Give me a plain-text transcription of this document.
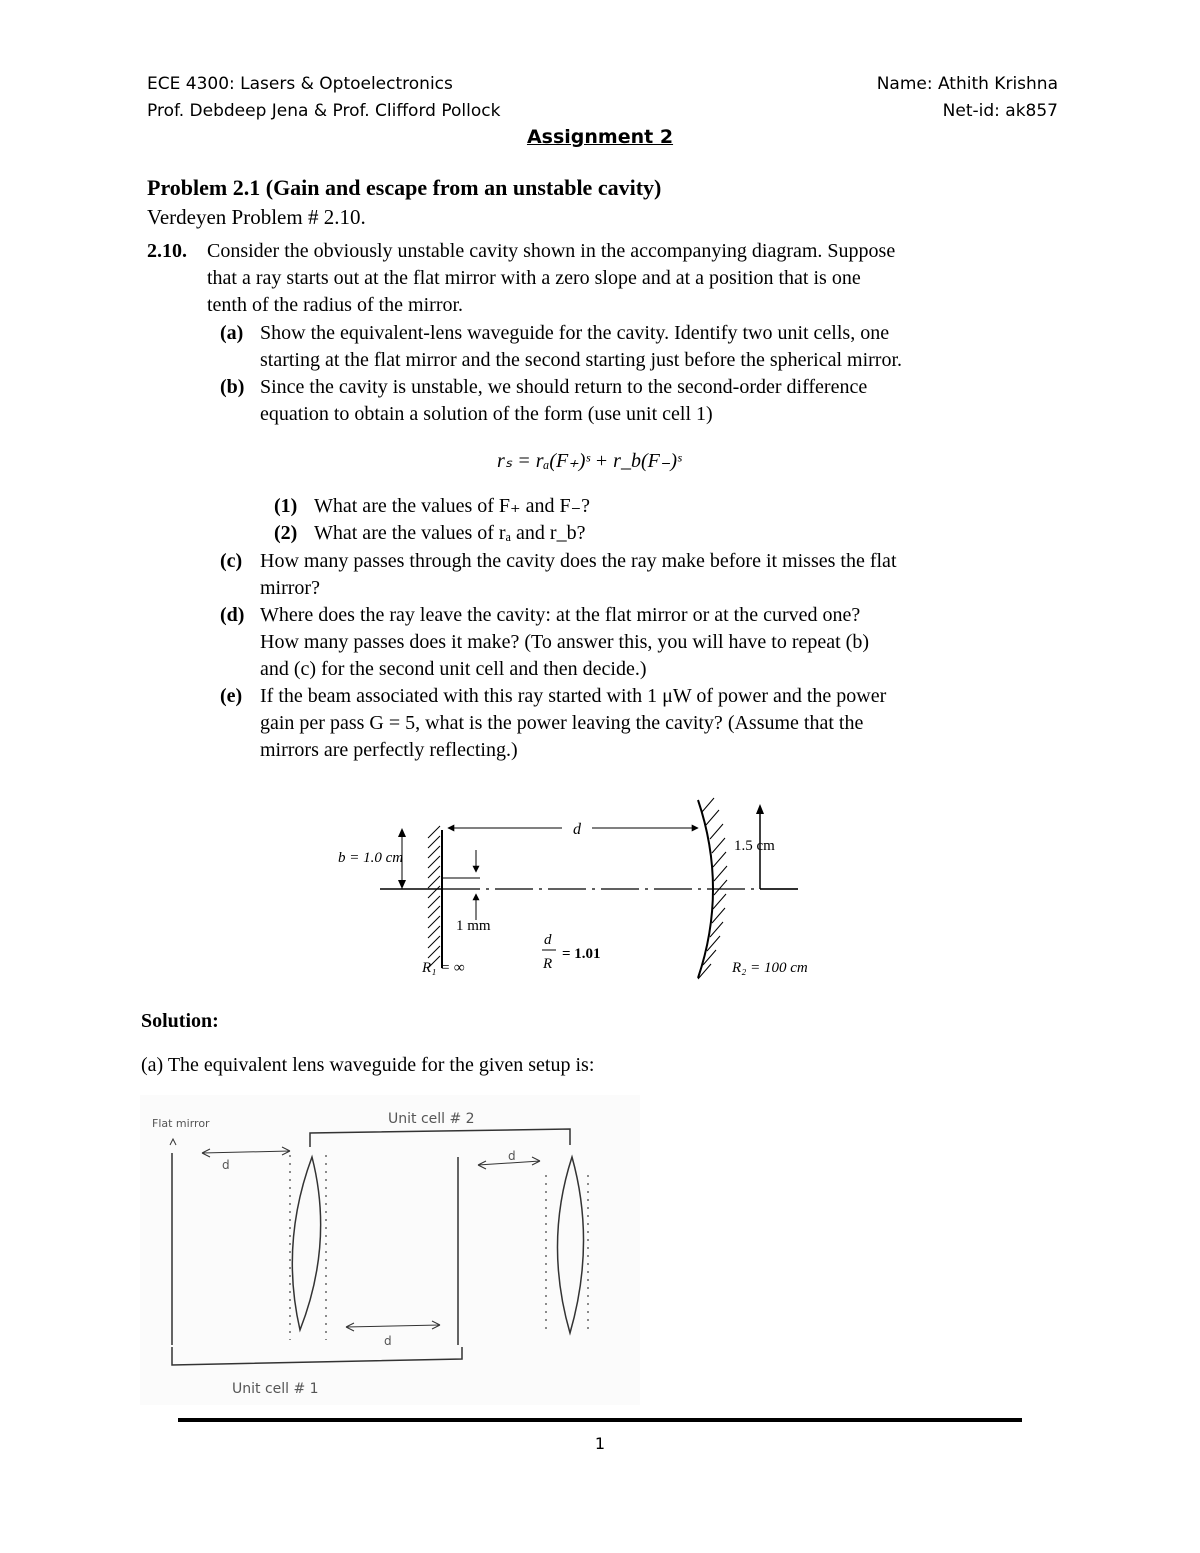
ECE 4300: Lasers & Optoelectronics
Prof. Debdeep Jena & Prof. Clifford Pollock
Name: Athith Krishna
Net-id: ak857
Assignment 2
Problem 2.1 (Gain and escape from an unstable cavity)
Verdeyen Problem # 2.10.
2.10. Consider the obviously unstable cavity shown in the accompanying diagram. Suppose
that a ray starts out at the flat mirror with a zero slope and at a position that is one
tenth of the radius of the mirror.
(a) Show the equivalent-lens waveguide for the cavity. Identify two unit cells, one
starting at the flat mirror and the second starting just before the spherical mirror.
(b) Since the cavity is unstable, we should return to the second-order difference
equation to obtain a solution of the form (use unit cell 1)
rₛ = rₐ(F₊)ˢ + r_b(F₋)ˢ
(1) What are the values of F₊ and F₋?
(2) What are the values of rₐ and r_b?
(c) How many passes through the cavity does the ray make before it misses the flat
mirror?
(d) Where does the ray leave the cavity: at the flat mirror or at the curved one?
How many passes does it make? (To answer this, you will have to repeat (b)
and (c) for the second unit cell and then decide.)
(e) If the beam associated with this ray started with 1 μW of power and the power
gain per pass G = 5, what is the power leaving the cavity? (Assume that the
mirrors are perfectly reflecting.)
b = 1.0 cm
d
1 mm
1.5 cm
d
R
= 1.01
R₁ = ∞	R₂ = 100 cm
Solution:
(a) The equivalent lens waveguide for the given setup is:
Flat mirror	Unit cell # 2
d
d
d
Unit cell # 1
1
